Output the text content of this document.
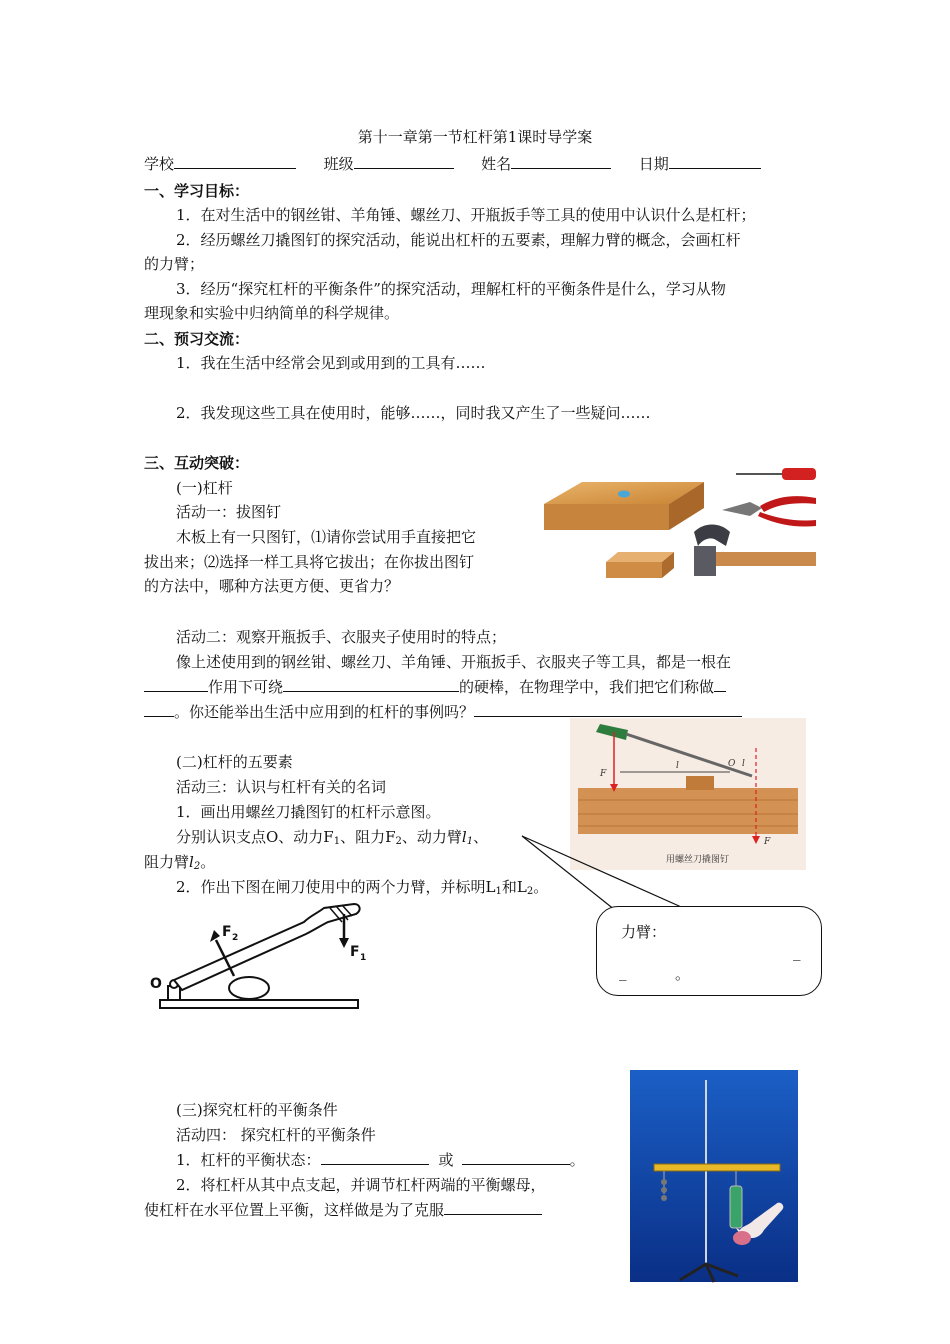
第十一章第一节杠杆第1课时导学案
学校	班级	姓名	日期
一、学习目标：
1．在对生活中的钢丝钳、羊角锤、螺丝刀、开瓶扳手等工具的使用中认识什么是杠杆；
2．经历螺丝刀撬图钉的探究活动，能说出杠杆的五要素，理解力臂的概念，会画杠杆
的力臂；
3．经历“探究杠杆的平衡条件”的探究活动，理解杠杆的平衡条件是什么，学习从物
理现象和实验中归纳简单的科学规律。
二、预习交流：
1．我在生活中经常会见到或用到的工具有……
2．我发现这些工具在使用时，能够……，同时我又产生了一些疑问……
三、互动突破：
(一)杠杆
活动一：拔图钉
木板上有一只图钉，⑴请你尝试用手直接把它
拔出来；⑵选择一样工具将它拔出；在你拔出图钉
的方法中，哪种方法更方便、更省力？
活动二：观察开瓶扳手、衣服夹子使用时的特点；
像上述使用到的钢丝钳、螺丝刀、羊角锤、开瓶扳手、衣服夹子等工具，都是一根在
作用下可绕	的硬棒，在物理学中，我们把它们称做
。你还能举出生活中应用到的杠杆的事例吗？
(二)杠杆的五要素
活动三：认识与杠杆有关的名词
1．画出用螺丝刀撬图钉的杠杆示意图。
分别认识支点O、动力$F_1$、阻力$F_2$、动力臂$l_1$、
阻力臂$l_2$。
2．作出下图在闸刀使用中的两个力臂，并标明$L_1$和$L_2$。
F
l	O l
F
用螺丝刀撬图钉
力臂：
_
_	。
O
F 1
F 2
(三)探究杠杆的平衡条件
活动四： 探究杠杆的平衡条件
1．杠杆的平衡状态：	或	。
2．将杠杆从其中点支起，并调节杠杆两端的平衡螺母，
使杠杆在水平位置上平衡，这样做是为了克服
